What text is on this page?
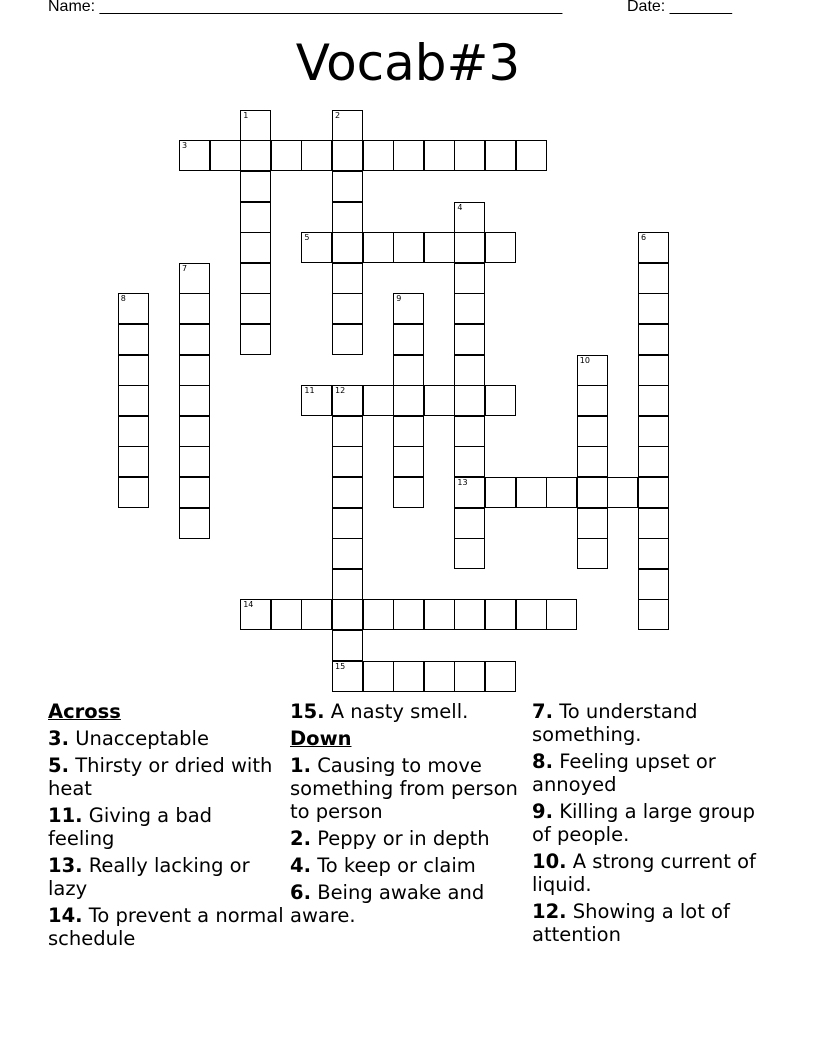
Name: ____________________________________________________	Date: _______
Vocab#3
1	2
3
4
13
5	6
7
8	9
10
11	12
15
14
Across
3. Unacceptable
5. Thirsty or dried with heat
11. Giving a bad feeling
13. Really lacking or lazy
14. To prevent a normal schedule
15. A nasty smell.
Down
1. Causing to move something from person to person
2. Peppy or in depth
4. To keep or claim
6. Being awake and aware.
7. To understand something.
8. Feeling upset or annoyed
9. Killing a large group of people.
10. A strong current of liquid.
12. Showing a lot of attention
